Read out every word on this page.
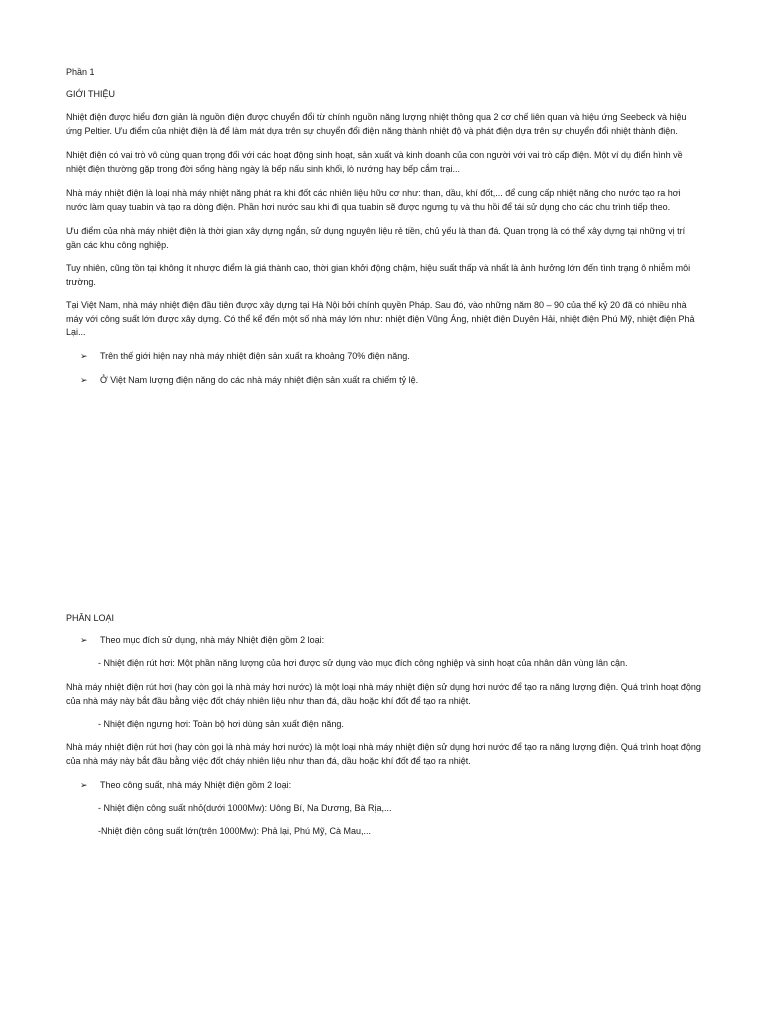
Phần 1

GIỚI THIỆU

Nhiệt điện được hiểu đơn giản là nguồn điện được chuyển đổi từ chính nguồn năng lượng nhiệt thông qua 2 cơ chế liên quan và hiệu ứng Seebeck và hiệu ứng Peltier. Ưu điểm của nhiệt điện là để làm mát dựa trên sự chuyển đổi điện năng thành nhiệt độ và phát điện dựa trên sự chuyển đổi nhiệt thành điện.

Nhiệt điện có vai trò vô cùng quan trọng đối với các hoạt động sinh hoạt, sản xuất và kinh doanh của con người với vai trò cấp điện. Một ví dụ điển hình về nhiệt điện thường gặp trong đời sống hàng ngày là bếp nấu sinh khối, lò nướng hay bếp cắm trại...

Nhà máy nhiệt điện là loại nhà máy nhiệt năng phát ra khi đốt các nhiên liệu hữu cơ như: than, dầu, khí đốt,... để cung cấp nhiệt năng cho nước tạo ra hơi nước làm quay tuabin và tạo ra dòng điện. Phần hơi nước sau khi đi qua tuabin sẽ được ngưng tụ và thu hồi để tái sử dụng cho các chu trình tiếp theo.

Ưu điểm của nhà máy nhiệt điện là thời gian xây dựng ngắn, sử dụng nguyên liệu rẻ tiền, chủ yếu là than đá. Quan trọng là có thể xây dựng tại những vị trí gần các khu công nghiệp.

Tuy nhiên, cũng tồn tại không ít nhược điểm là giá thành cao, thời gian khởi động chậm, hiệu suất thấp và nhất là ảnh hưởng lớn đến tình trạng ô nhiễm môi trường.

Tại Việt Nam, nhà máy nhiệt điện đầu tiên được xây dựng tại Hà Nội bởi chính quyền Pháp. Sau đó, vào những năm 80 – 90 của thế kỷ 20 đã có nhiều nhà máy với công suất lớn được xây dựng. Có thể kể đến một số nhà máy lớn như: nhiệt điện Vũng Áng, nhiệt điện Duyên Hải, nhiệt điện Phú Mỹ, nhiệt điện Phả Lại...

➢ Trên thế giới hiện nay nhà máy nhiệt điện sản xuất ra khoảng 70% điện năng.

➢ Ở Việt Nam lượng điện năng do các nhà máy nhiệt điện sản xuất ra chiếm tỷ lệ.

PHÂN LOẠI

➢ Theo mục đích sử dụng, nhà máy Nhiệt điện gồm 2 loại:

- Nhiệt điện rút hơi: Một phần năng lượng của hơi được sử dụng vào mục đích công nghiệp và sinh hoạt của nhân dân vùng lân cận.

Nhà máy nhiệt điện rút hơi (hay còn gọi là nhà máy hơi nước) là một loại nhà máy nhiệt điện sử dụng hơi nước để tạo ra năng lượng điện. Quá trình hoạt động của nhà máy này bắt đầu bằng việc đốt cháy nhiên liệu như than đá, dầu hoặc khí đốt để tạo ra nhiệt.

- Nhiệt điện ngưng hơi: Toàn bộ hơi dùng sản xuất điện năng.

Nhà máy nhiệt điện rút hơi (hay còn gọi là nhà máy hơi nước) là một loại nhà máy nhiệt điện sử dụng hơi nước để tạo ra năng lượng điện. Quá trình hoạt động của nhà máy này bắt đầu bằng việc đốt cháy nhiên liệu như than đá, dầu hoặc khí đốt để tạo ra nhiệt.

➢ Theo công suất, nhà máy Nhiệt điện gồm 2 loại:

- Nhiệt điện công suất nhỏ(dưới 1000Mw): Uông Bí, Na Dương, Bà Rịa,...

-Nhiệt điện công suất lớn(trên 1000Mw): Phả lại, Phú Mỹ, Cà Mau,...
